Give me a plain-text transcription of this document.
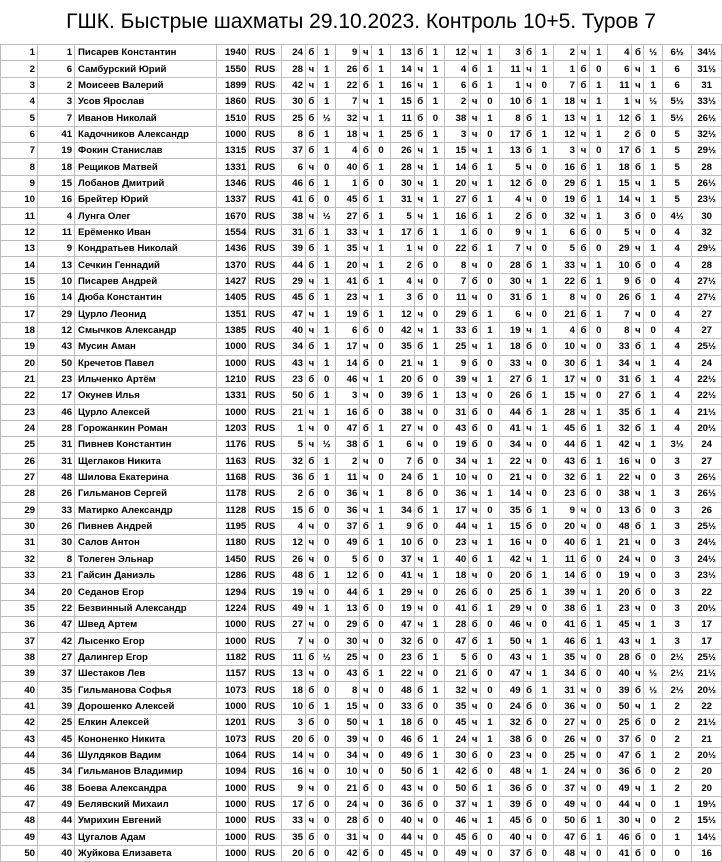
ГШК. Быстрые шахматы 29.10.2023. Контроль 10+5. Туров 7
1	1	Писарев Константин	1940	RUS	24	б	1	9	ч	1	13	б	1	12	ч	1	3	б	1	2	ч	1	4	б	½	6½	34½
2	6	Самбурский Юрий	1550	RUS	28	ч	1	26	б	1	14	ч	1	4	б	1	11	ч	1	1	б	0	6	ч	1	6	31½
3	2	Моисеев Валерий	1899	RUS	42	ч	1	22	б	1	16	ч	1	6	б	1	1	ч	0	7	б	1	11	ч	1	6	31
4	3	Усов Ярослав	1860	RUS	30	б	1	7	ч	1	15	б	1	2	ч	0	10	б	1	18	ч	1	1	ч	½	5½	33½
5	7	Иванов Николай	1510	RUS	25	б	½	32	ч	1	11	б	0	38	ч	1	8	б	1	13	ч	1	12	б	1	5½	26½
6	41	Кадочников Александр	1000	RUS	8	б	1	18	ч	1	25	б	1	3	ч	0	17	б	1	12	ч	1	2	б	0	5	32½
7	19	Фокин Станислав	1315	RUS	37	б	1	4	б	0	26	ч	1	15	ч	1	13	б	1	3	ч	0	17	б	1	5	29½
8	18	Рещиков Матвей	1331	RUS	6	ч	0	40	б	1	28	ч	1	14	б	1	5	ч	0	16	б	1	18	б	1	5	28
9	15	Лобанов Дмитрий	1346	RUS	46	б	1	1	б	0	30	ч	1	20	ч	1	12	б	0	29	б	1	15	ч	1	5	26½
10	16	Брейтер Юрий	1337	RUS	41	б	0	45	б	1	31	ч	1	27	б	1	4	ч	0	19	б	1	14	ч	1	5	23½
11	4	Лунга Олег	1670	RUS	38	ч	½	27	б	1	5	ч	1	16	б	1	2	б	0	32	ч	1	3	б	0	4½	30
12	11	Ерёменко Иван	1554	RUS	31	б	1	33	ч	1	17	б	1	1	б	0	9	ч	1	6	б	0	5	ч	0	4	32
13	9	Кондратьев Николай	1436	RUS	39	б	1	35	ч	1	1	ч	0	22	б	1	7	ч	0	5	б	0	29	ч	1	4	29½
14	13	Сечкин Геннадий	1370	RUS	44	б	1	20	ч	1	2	б	0	8	ч	0	28	б	1	33	ч	1	10	б	0	4	28
15	10	Писарев Андрей	1427	RUS	29	ч	1	41	б	1	4	ч	0	7	б	0	30	ч	1	22	б	1	9	б	0	4	27½
16	14	Дюба Константин	1405	RUS	45	б	1	23	ч	1	3	б	0	11	ч	0	31	б	1	8	ч	0	26	б	1	4	27½
17	29	Цурло Леонид	1351	RUS	47	ч	1	19	б	1	12	ч	0	29	б	1	6	ч	0	21	б	1	7	ч	0	4	27
18	12	Смычков Александр	1385	RUS	40	ч	1	6	б	0	42	ч	1	33	б	1	19	ч	1	4	б	0	8	ч	0	4	27
19	43	Мусин Аман	1000	RUS	34	б	1	17	ч	0	35	б	1	25	ч	1	18	б	0	10	ч	0	33	б	1	4	25½
20	50	Кречетов Павел	1000	RUS	43	ч	1	14	б	0	21	ч	1	9	б	0	33	ч	0	30	б	1	34	ч	1	4	24
21	23	Ильченко Артём	1210	RUS	23	б	0	46	ч	1	20	б	0	39	ч	1	27	б	1	17	ч	0	31	б	1	4	22½
22	17	Окунев Илья	1331	RUS	50	б	1	3	ч	0	39	б	1	13	ч	0	26	б	1	15	ч	0	27	б	1	4	22½
23	46	Цурло Алексей	1000	RUS	21	ч	1	16	б	0	38	ч	0	31	б	0	44	б	1	28	ч	1	35	б	1	4	21½
24	28	Горожанкин Роман	1203	RUS	1	ч	0	47	б	1	27	ч	0	43	б	0	41	ч	1	45	б	1	32	б	1	4	20½
25	31	Пивнев Константин	1176	RUS	5	ч	½	38	б	1	6	ч	0	19	б	0	34	ч	0	44	б	1	42	ч	1	3½	24
26	31	Щеглаков Никита	1163	RUS	32	б	1	2	ч	0	7	б	0	34	ч	1	22	ч	0	43	б	1	16	ч	0	3	27
27	48	Шилова Екатерина	1168	RUS	36	б	1	11	ч	0	24	б	1	10	ч	0	21	ч	0	32	б	1	22	ч	0	3	26½
28	26	Гильманов Сергей	1178	RUS	2	б	0	36	ч	1	8	б	0	36	ч	1	14	ч	0	23	б	0	38	ч	1	3	26½
29	33	Матирко Александр	1128	RUS	15	б	0	36	ч	1	34	б	1	17	ч	0	35	б	1	9	ч	0	13	б	0	3	26
30	26	Пивнев Андрей	1195	RUS	4	ч	0	37	б	1	9	б	0	44	ч	1	15	б	0	20	ч	0	48	б	1	3	25½
31	30	Салов Антон	1180	RUS	12	ч	0	49	б	1	10	б	0	23	ч	1	16	ч	0	40	б	1	21	ч	0	3	24½
32	8	Толеген Эльнар	1450	RUS	26	ч	0	5	б	0	37	ч	1	40	б	1	42	ч	1	11	б	0	24	ч	0	3	24½
33	21	Гайсин Даниэль	1286	RUS	48	б	1	12	б	0	41	ч	1	18	ч	0	20	б	1	14	б	0	19	ч	0	3	23½
34	20	Седанов Егор	1294	RUS	19	ч	0	44	б	1	29	ч	0	26	б	0	25	б	1	39	ч	1	20	б	0	3	22
35	22	Безвинный Александр	1224	RUS	49	ч	1	13	б	0	19	ч	0	41	б	1	29	ч	0	38	б	1	23	ч	0	3	20½
36	47	Швед Артем	1000	RUS	27	ч	0	29	б	0	47	ч	1	28	б	0	46	ч	0	41	б	1	45	ч	1	3	17
37	42	Лысенко Егор	1000	RUS	7	ч	0	30	ч	0	32	б	0	47	б	1	50	ч	1	46	б	1	43	ч	1	3	17
38	27	Далингер Егор	1182	RUS	11	б	½	25	ч	0	23	б	1	5	б	0	43	ч	1	35	ч	0	28	б	0	2½	25½
39	37	Шестаков Лев	1157	RUS	13	ч	0	43	б	1	22	ч	0	21	б	0	47	ч	1	34	б	0	40	ч	½	2½	21½
40	35	Гильманова Софья	1073	RUS	18	б	0	8	ч	0	48	б	1	32	ч	0	49	б	1	31	ч	0	39	б	½	2½	20½
41	39	Дорошенко Алексей	1000	RUS	10	б	1	15	ч	0	33	б	0	35	ч	0	24	б	0	36	ч	0	50	ч	1	2	22
42	25	Елкин Алексей	1201	RUS	3	б	0	50	ч	1	18	б	0	45	ч	1	32	б	0	27	ч	0	25	б	0	2	21½
43	45	Кононенко Никита	1073	RUS	20	б	0	39	ч	0	46	б	1	24	ч	1	38	б	0	26	ч	0	37	б	0	2	21
44	36	Шулдяков Вадим	1064	RUS	14	ч	0	34	ч	0	49	б	1	30	б	0	23	ч	0	25	ч	0	47	б	1	2	20½
45	34	Гильманов Владимир	1094	RUS	16	ч	0	10	ч	0	50	б	1	42	б	0	48	ч	1	24	ч	0	36	б	0	2	20
46	38	Боева Александра	1000	RUS	9	ч	0	21	б	0	43	ч	0	50	б	1	36	б	0	37	ч	0	49	ч	1	2	20
47	49	Белявский Михаил	1000	RUS	17	б	0	24	ч	0	36	б	0	37	ч	1	39	б	0	49	ч	0	44	ч	0	1	19½
48	44	Умрихин Евгений	1000	RUS	33	ч	0	28	б	0	40	ч	0	46	ч	1	45	б	0	50	б	1	30	ч	0	2	15½
49	43	Цугалов Адам	1000	RUS	35	б	0	31	ч	0	44	ч	0	45	б	0	40	ч	0	47	б	1	46	б	0	1	14½
50	40	Жуйкова Елизавета	1000	RUS	20	б	0	42	б	0	45	ч	0	49	ч	0	37	б	0	48	ч	0	41	б	0	0	16
